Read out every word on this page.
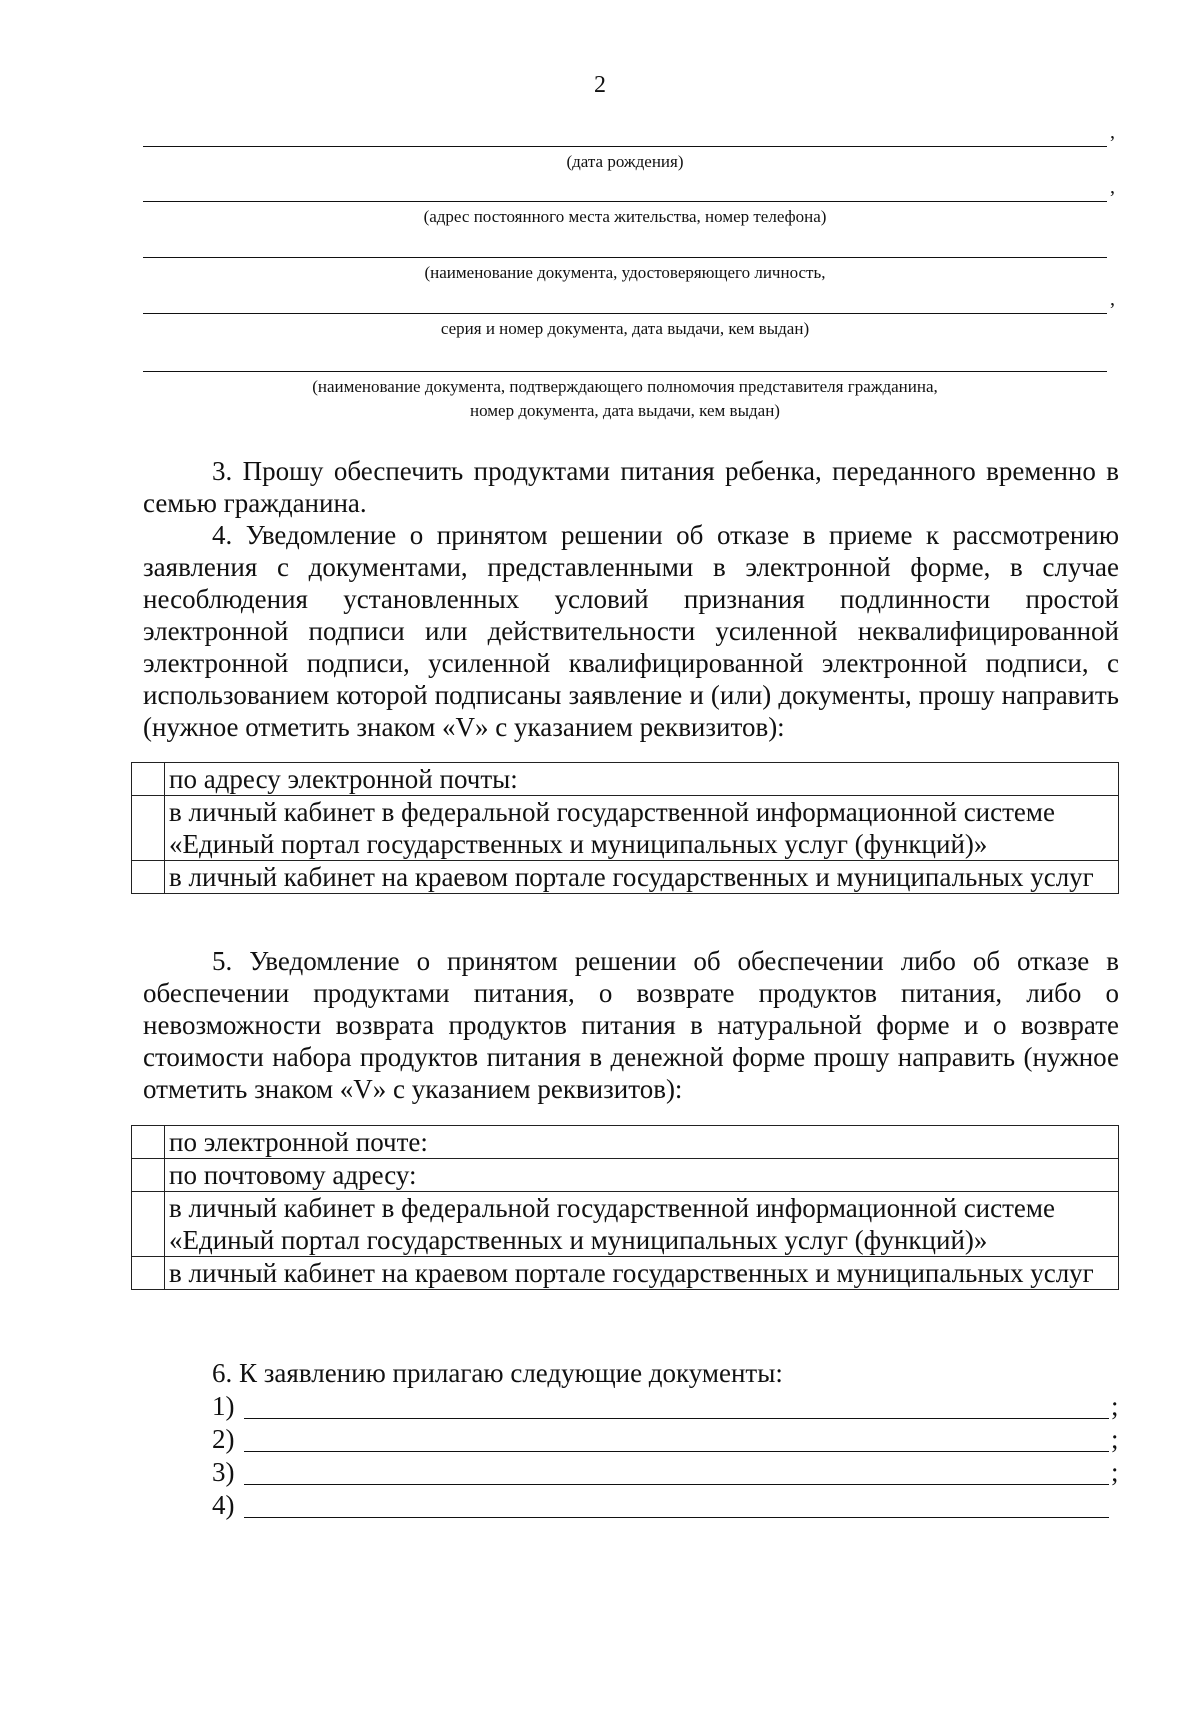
2
,
(дата рождения)
,
(адрес постоянного места жительства, номер телефона)
(наименование документа, удостоверяющего личность,
,
серия и номер документа, дата выдачи, кем выдан)
(наименование документа, подтверждающего полномочия представителя гражданина,
номер документа, дата выдачи, кем выдан)

3. Прошу обеспечить продуктами питания ребенка, переданного временно в семью гражданина.

4. Уведомление о принятом решении об отказе в приеме к рассмотрению заявления с документами, представленными в электронной форме, в случае несоблюдения установленных условий признания подлинности простой электронной подписи или действительности усиленной неквалифицированной электронной подписи, усиленной квалифицированной электронной подписи, с использованием которой подписаны заявление и (или) документы, прошу направить (нужное отметить знаком «V» с указанием реквизитов):

	по адресу электронной почты:
	в личный кабинет в федеральной государственной информационной системе «Единый портал государственных и муниципальных услуг (функций)»
	в личный кабинет на краевом портале государственных и муниципальных услуг

5. Уведомление о принятом решении об обеспечении либо об отказе в обеспечении продуктами питания, о возврате продуктов питания, либо о невозможности возврата продуктов питания в натуральной форме и о возврате стоимости набора продуктов питания в денежной форме прошу направить (нужное отметить знаком «V» с указанием реквизитов):

	по электронной почте:
	по почтовому адресу:
	в личный кабинет в федеральной государственной информационной системе «Единый портал государственных и муниципальных услуг (функций)»
	в личный кабинет на краевом портале государственных и муниципальных услуг

6. К заявлению прилагаю следующие документы:

1)	;
2)	;
3)	;
4)
